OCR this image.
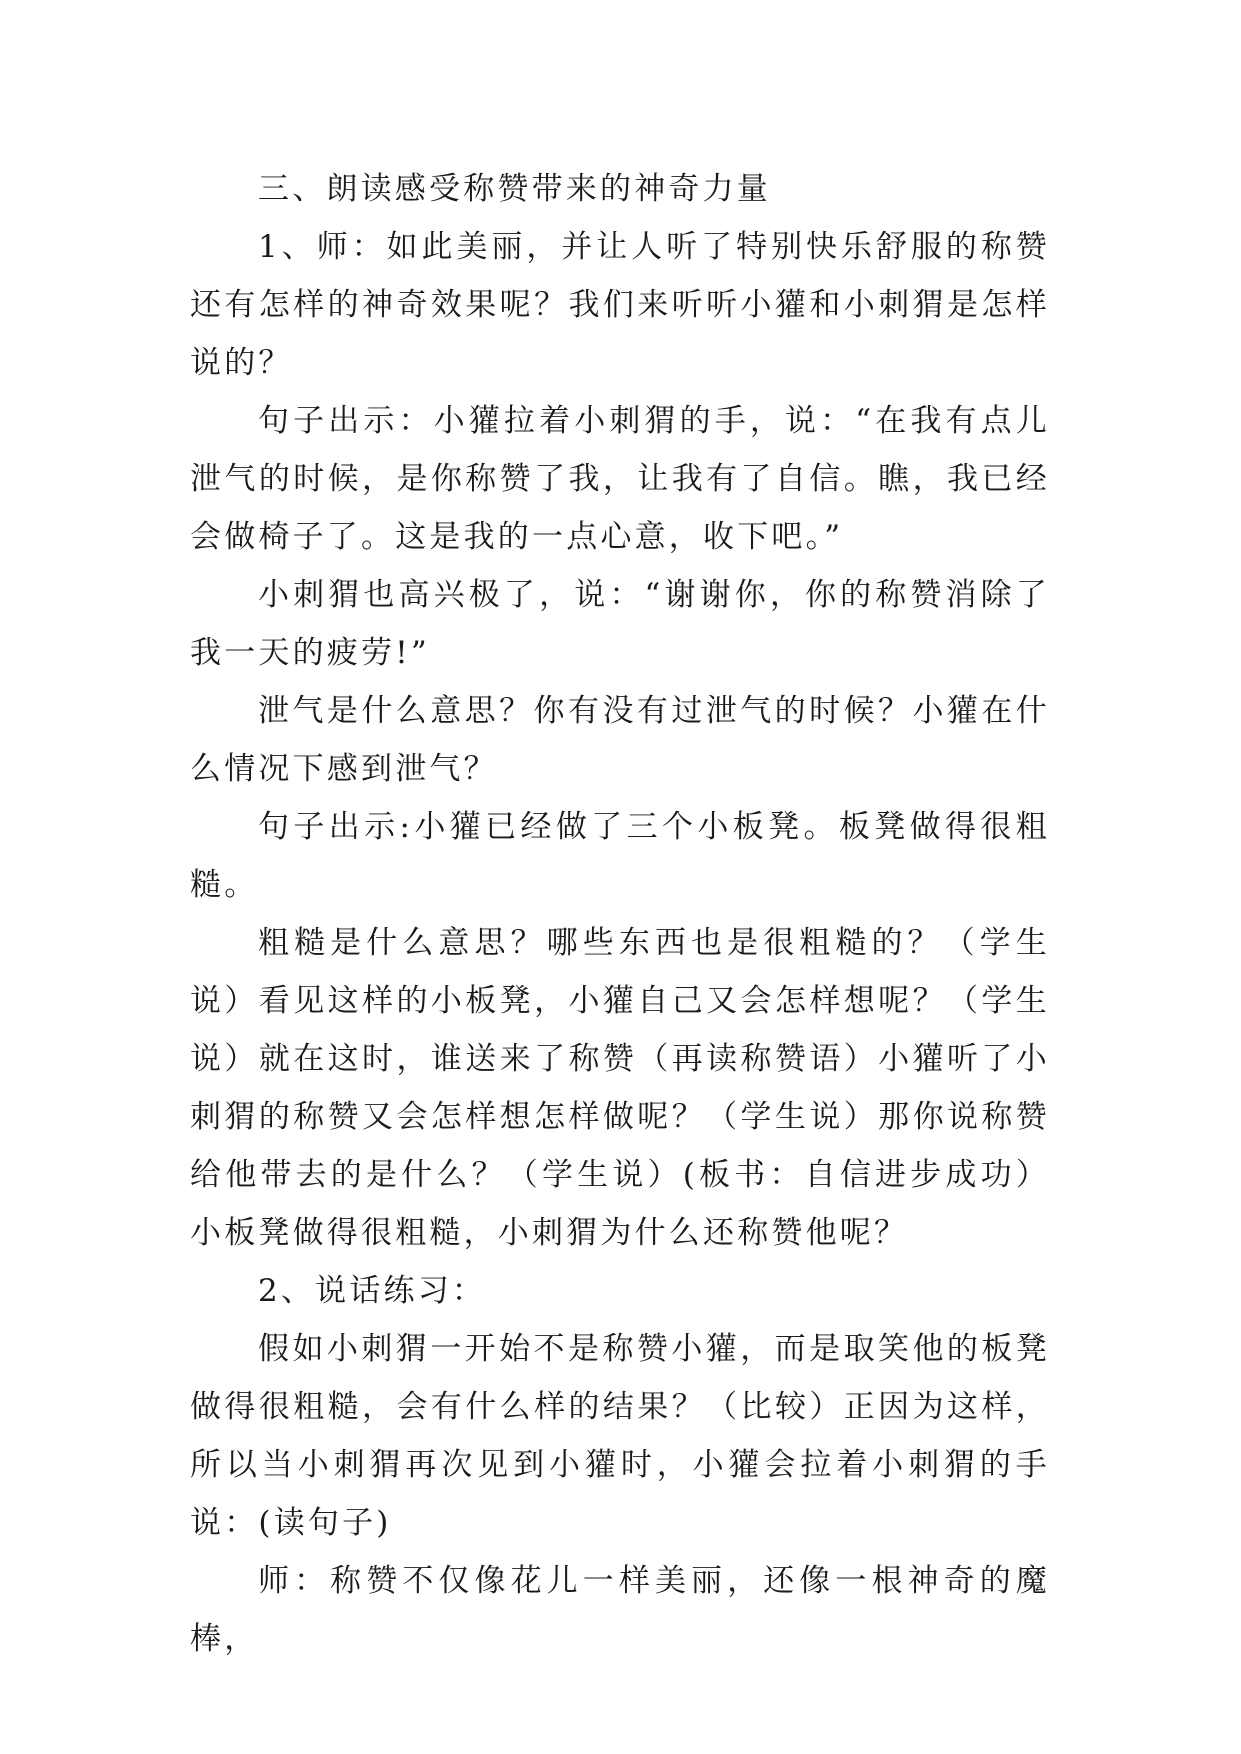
三、朗读感受称赞带来的神奇力量

1、师：如此美丽，并让人听了特别快乐舒服的称赞还有怎样的神奇效果呢？我们来听听小獾和小刺猬是怎样说的？

句子出示：小獾拉着小刺猬的手，说：“在我有点儿泄气的时候，是你称赞了我，让我有了自信。瞧，我已经会做椅子了。这是我的一点心意，收下吧。”

小刺猬也高兴极了，说：“谢谢你，你的称赞消除了我一天的疲劳!”

泄气是什么意思？你有没有过泄气的时候？小獾在什么情况下感到泄气？

句子出示:小獾已经做了三个小板凳。板凳做得很粗糙。

粗糙是什么意思？哪些东西也是很粗糙的？（学生说）看见这样的小板凳，小獾自己又会怎样想呢？（学生说）就在这时，谁送来了称赞（再读称赞语）小獾听了小刺猬的称赞又会怎样想怎样做呢？（学生说）那你说称赞给他带去的是什么？（学生说）(板书：自信进步成功）小板凳做得很粗糙，小刺猬为什么还称赞他呢？

2、说话练习：

假如小刺猬一开始不是称赞小獾，而是取笑他的板凳做得很粗糙，会有什么样的结果？（比较）正因为这样，所以当小刺猬再次见到小獾时，小獾会拉着小刺猬的手说：(读句子)

师：称赞不仅像花儿一样美丽，还像一根神奇的魔棒，
